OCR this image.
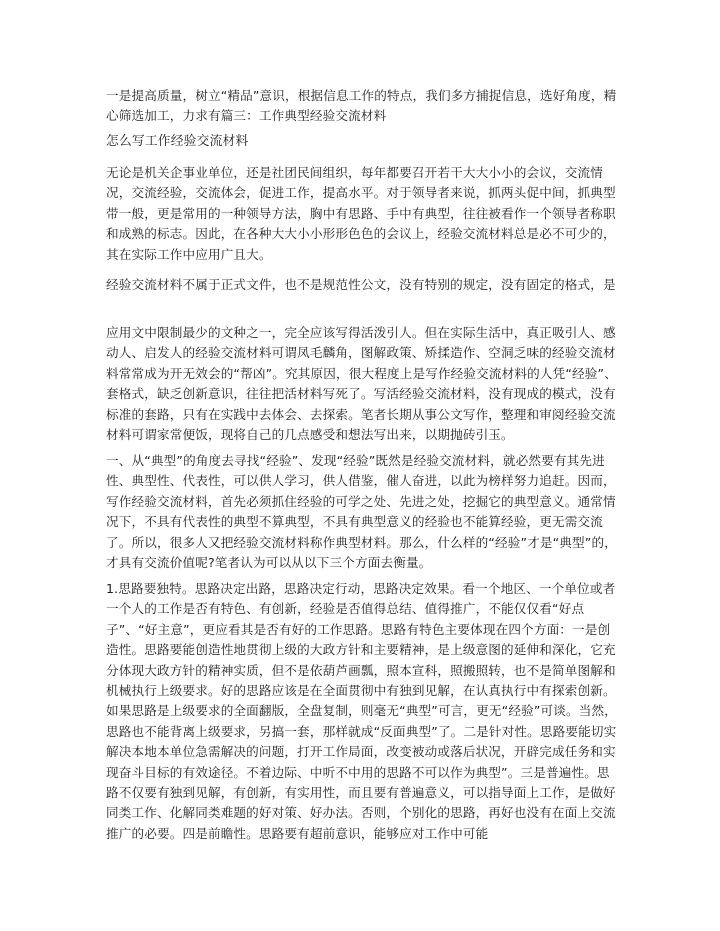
一是提高质量，树立“精品”意识，根据信息工作的特点，我们多方捕捉信息，选好角度，精心筛选加工，力求有篇三：工作典型经验交流材料

怎么写工作经验交流材料

无论是机关企事业单位，还是社团民间组织，每年都要召开若干大大小小的会议，交流情况，交流经验，交流体会，促进工作，提高水平。对于领导者来说，抓两头促中间，抓典型带一般，更是常用的一种领导方法，胸中有思路、手中有典型，往往被看作一个领导者称职和成熟的标志。因此，在各种大大小小形形色色的会议上，经验交流材料总是必不可少的，其在实际工作中应用广且大。

经验交流材料不属于正式文件，也不是规范性公文，没有特别的规定，没有固定的格式，是

应用文中限制最少的文种之一，完全应该写得活泼引人。但在实际生活中，真正吸引人、感动人、启发人的经验交流材料可谓凤毛麟角，图解政策、矫揉造作、空洞乏味的经验交流材料常常成为开无效会的“帮凶”。究其原因，很大程度上是写作经验交流材料的人凭“经验”、套格式，缺乏创新意识，往往把活材料写死了。写活经验交流材料，没有现成的模式，没有标准的套路，只有在实践中去体会、去探索。笔者长期从事公文写作，整理和审阅经验交流材料可谓家常便饭，现将自己的几点感受和想法写出来，以期抛砖引玉。

一、从“典型”的角度去寻找“经验”、发现“经验”既然是经验交流材料，就必然要有其先进性、典型性、代表性，可以供人学习，供人借鉴，催人奋进，以此为榜样努力追赶。因而，写作经验交流材料，首先必须抓住经验的可学之处、先进之处，挖掘它的典型意义。通常情况下，不具有代表性的典型不算典型，不具有典型意义的经验也不能算经验，更无需交流了。所以，很多人又把经验交流材料称作典型材料。那么，什么样的“经验”才是“典型”的，才具有交流价值呢?笔者认为可以从以下三个方面去衡量。

1.思路要独特。思路决定出路，思路决定行动，思路决定效果。看一个地区、一个单位或者一个人的工作是否有特色、有创新，经验是否值得总结、值得推广，不能仅仅看“好点子”、“好主意”，更应看其是否有好的工作思路。思路有特色主要体现在四个方面：一是创造性。思路要能创造性地贯彻上级的大政方针和主要精神，是上级意图的延伸和深化，它充分体现大政方针的精神实质，但不是依葫芦画瓢，照本宣科，照搬照转，也不是简单图解和机械执行上级要求。好的思路应该是在全面贯彻中有独到见解，在认真执行中有探索创新。如果思路是上级要求的全面翻版，全盘复制，则毫无“典型”可言，更无“经验”可谈。当然，思路也不能背离上级要求，另搞一套，那样就成“反面典型”了。二是针对性。思路要能切实解决本地本单位急需解决的问题，打开工作局面，改变被动或落后状况，开辟完成任务和实现奋斗目标的有效途径。不着边际、中听不中用的思路不可以作为典型”。三是普遍性。思路不仅要有独到见解，有创新，有实用性，而且要有普遍意义，可以指导面上工作，是做好同类工作、化解同类难题的好对策、好办法。否则，个别化的思路，再好也没有在面上交流推广的必要。四是前瞻性。思路要有超前意识，能够应对工作中可能
